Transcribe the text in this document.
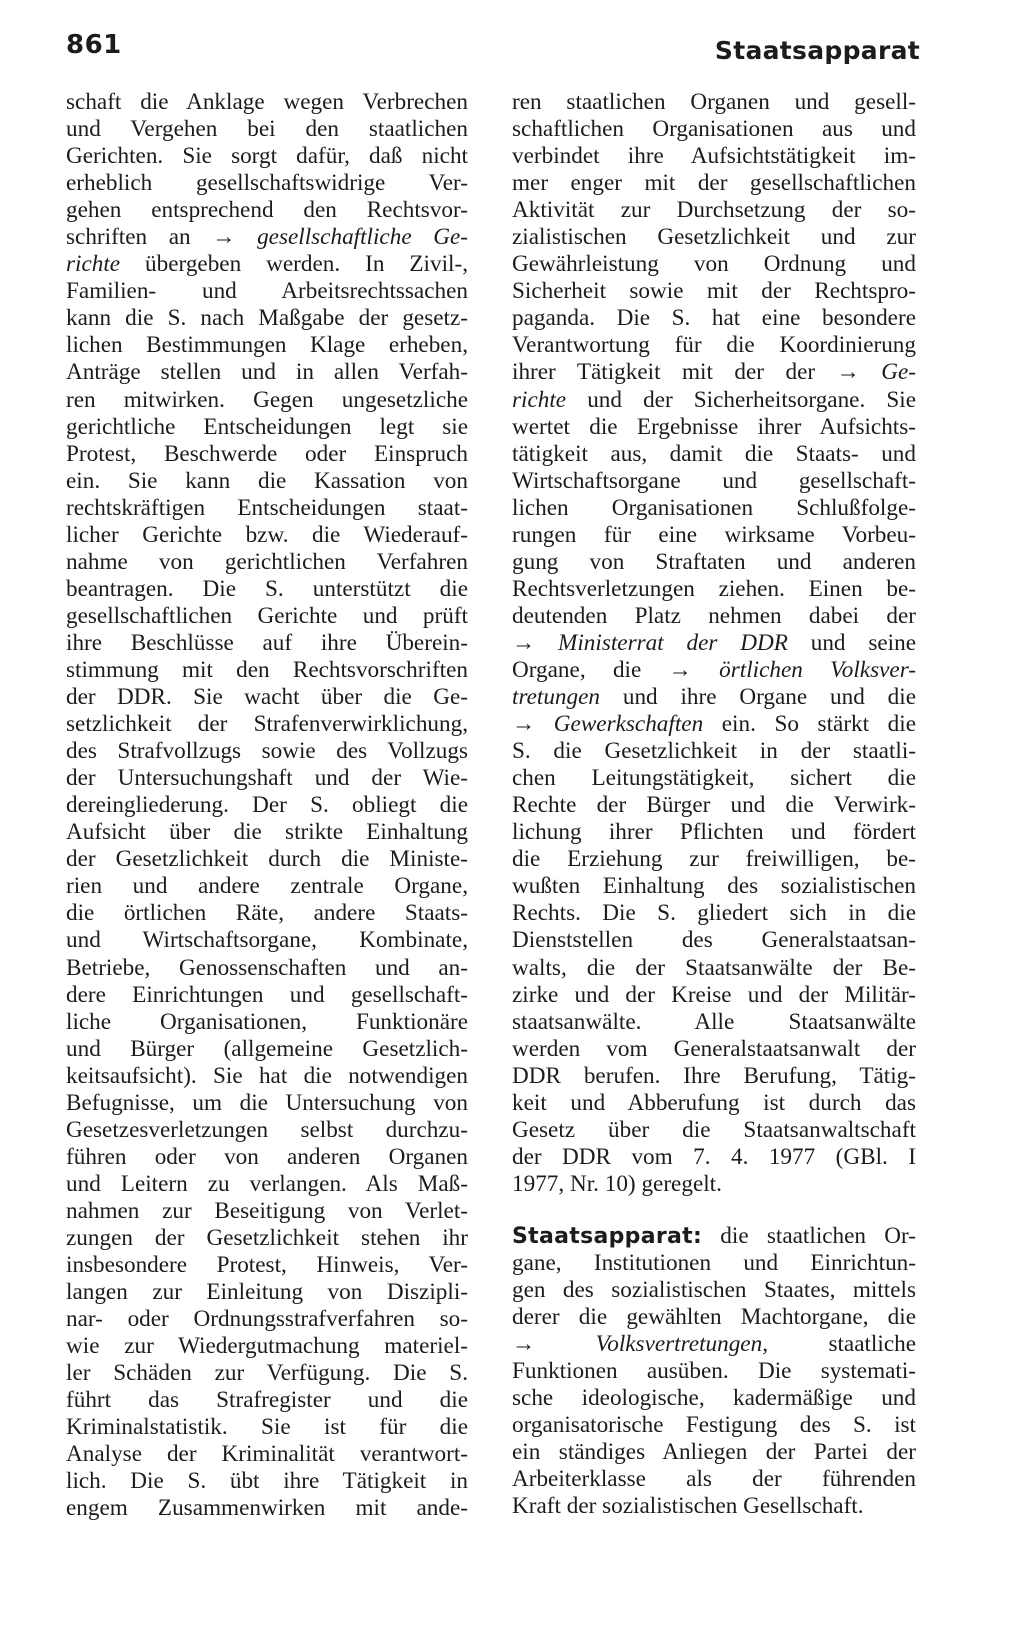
861	Staatsapparat
schaft die Anklage wegen Verbrechen
und Vergehen bei den staatlichen
Gerichten. Sie sorgt dafür, daß nicht
erheblich gesellschaftswidrige Ver-
gehen entsprechend den Rechtsvor-
schriften an → gesellschaftliche Ge-
richte übergeben werden. In Zivil-,
Familien- und Arbeitsrechtssachen
kann die S. nach Maßgabe der gesetz-
lichen Bestimmungen Klage erheben,
Anträge stellen und in allen Verfah-
ren mitwirken. Gegen ungesetzliche
gerichtliche Entscheidungen legt sie
Protest, Beschwerde oder Einspruch
ein. Sie kann die Kassation von
rechtskräftigen Entscheidungen staat-
licher Gerichte bzw. die Wiederauf-
nahme von gerichtlichen Verfahren
beantragen. Die S. unterstützt die
gesellschaftlichen Gerichte und prüft
ihre Beschlüsse auf ihre Überein-
stimmung mit den Rechtsvorschriften
der DDR. Sie wacht über die Ge-
setzlichkeit der Strafenverwirklichung,
des Strafvollzugs sowie des Vollzugs
der Untersuchungshaft und der Wie-
dereingliederung. Der S. obliegt die
Aufsicht über die strikte Einhaltung
der Gesetzlichkeit durch die Ministe-
rien und andere zentrale Organe,
die örtlichen Räte, andere Staats-
und Wirtschaftsorgane, Kombinate,
Betriebe, Genossenschaften und an-
dere Einrichtungen und gesellschaft-
liche Organisationen, Funktionäre
und Bürger (allgemeine Gesetzlich-
keitsaufsicht). Sie hat die notwendigen
Befugnisse, um die Untersuchung von
Gesetzesverletzungen selbst durchzu-
führen oder von anderen Organen
und Leitern zu verlangen. Als Maß-
nahmen zur Beseitigung von Verlet-
zungen der Gesetzlichkeit stehen ihr
insbesondere Protest, Hinweis, Ver-
langen zur Einleitung von Diszipli-
nar- oder Ordnungsstrafverfahren so-
wie zur Wiedergutmachung materiel-
ler Schäden zur Verfügung. Die S.
führt das Strafregister und die
Kriminalstatistik. Sie ist für die
Analyse der Kriminalität verantwort-
lich. Die S. übt ihre Tätigkeit in
engem Zusammenwirken mit ande-
ren staatlichen Organen und gesell-
schaftlichen Organisationen aus und
verbindet ihre Aufsichtstätigkeit im-
mer enger mit der gesellschaftlichen
Aktivität zur Durchsetzung der so-
zialistischen Gesetzlichkeit und zur
Gewährleistung von Ordnung und
Sicherheit sowie mit der Rechtspro-
paganda. Die S. hat eine besondere
Verantwortung für die Koordinierung
ihrer Tätigkeit mit der der → Ge-
richte und der Sicherheitsorgane. Sie
wertet die Ergebnisse ihrer Aufsichts-
tätigkeit aus, damit die Staats- und
Wirtschaftsorgane und gesellschaft-
lichen Organisationen Schlußfolge-
rungen für eine wirksame Vorbeu-
gung von Straftaten und anderen
Rechtsverletzungen ziehen. Einen be-
deutenden Platz nehmen dabei der
→ Ministerrat der DDR und seine
Organe, die → örtlichen Volksver-
tretungen und ihre Organe und die
→ Gewerkschaften ein. So stärkt die
S. die Gesetzlichkeit in der staatli-
chen Leitungstätigkeit, sichert die
Rechte der Bürger und die Verwirk-
lichung ihrer Pflichten und fördert
die Erziehung zur freiwilligen, be-
wußten Einhaltung des sozialistischen
Rechts. Die S. gliedert sich in die
Dienststellen des Generalstaatsan-
walts, die der Staatsanwälte der Be-
zirke und der Kreise und der Militär-
staatsanwälte. Alle Staatsanwälte
werden vom Generalstaatsanwalt der
DDR berufen. Ihre Berufung, Tätig-
keit und Abberufung ist durch das
Gesetz über die Staatsanwaltschaft
der DDR vom 7. 4. 1977 (GBl. I
1977, Nr. 10) geregelt.
Staatsapparat: die staatlichen Or-
gane, Institutionen und Einrichtun-
gen des sozialistischen Staates, mittels
derer die gewählten Machtorgane, die
→ Volksvertretungen, staatliche
Funktionen ausüben. Die systemati-
sche ideologische, kadermäßige und
organisatorische Festigung des S. ist
ein ständiges Anliegen der Partei der
Arbeiterklasse als der führenden
Kraft der sozialistischen Gesellschaft.
